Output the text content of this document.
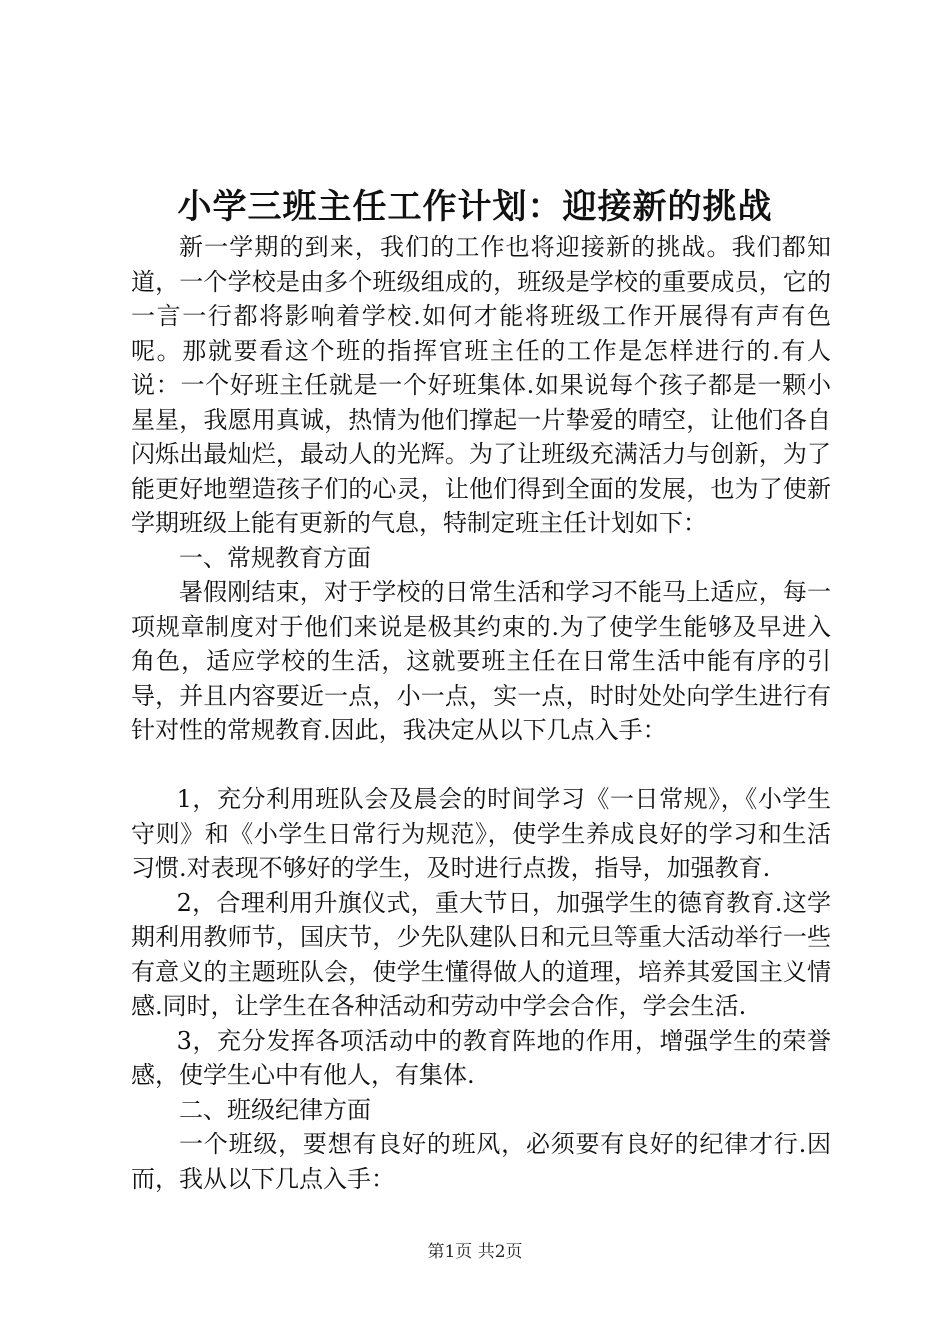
小学三班主任工作计划：迎接新的挑战

新一学期的到来，我们的工作也将迎接新的挑战。我们都知道，一个学校是由多个班级组成的，班级是学校的重要成员，它的一言一行都将影响着学校.如何才能将班级工作开展得有声有色呢。那就要看这个班的指挥官班主任的工作是怎样进行的.有人说：一个好班主任就是一个好班集体.如果说每个孩子都是一颗小星星，我愿用真诚，热情为他们撑起一片挚爱的晴空，让他们各自闪烁出最灿烂，最动人的光辉。为了让班级充满活力与创新，为了能更好地塑造孩子们的心灵，让他们得到全面的发展，也为了使新学期班级上能有更新的气息，特制定班主任计划如下：

一、常规教育方面

暑假刚结束，对于学校的日常生活和学习不能马上适应，每一项规章制度对于他们来说是极其约束的.为了使学生能够及早进入角色，适应学校的生活，这就要班主任在日常生活中能有序的引导，并且内容要近一点，小一点，实一点，时时处处向学生进行有针对性的常规教育.因此，我决定从以下几点入手：

1，充分利用班队会及晨会的时间学习《一日常规》，《小学生守则》和《小学生日常行为规范》，使学生养成良好的学习和生活习惯.对表现不够好的学生，及时进行点拨，指导，加强教育.

2，合理利用升旗仪式，重大节日，加强学生的德育教育.这学期利用教师节，国庆节，少先队建队日和元旦等重大活动举行一些有意义的主题班队会，使学生懂得做人的道理，培养其爱国主义情感.同时，让学生在各种活动和劳动中学会合作，学会生活.

3，充分发挥各项活动中的教育阵地的作用，增强学生的荣誉感，使学生心中有他人，有集体.

二、班级纪律方面

一个班级，要想有良好的班风，必须要有良好的纪律才行.因而，我从以下几点入手：

第1页 共2页
